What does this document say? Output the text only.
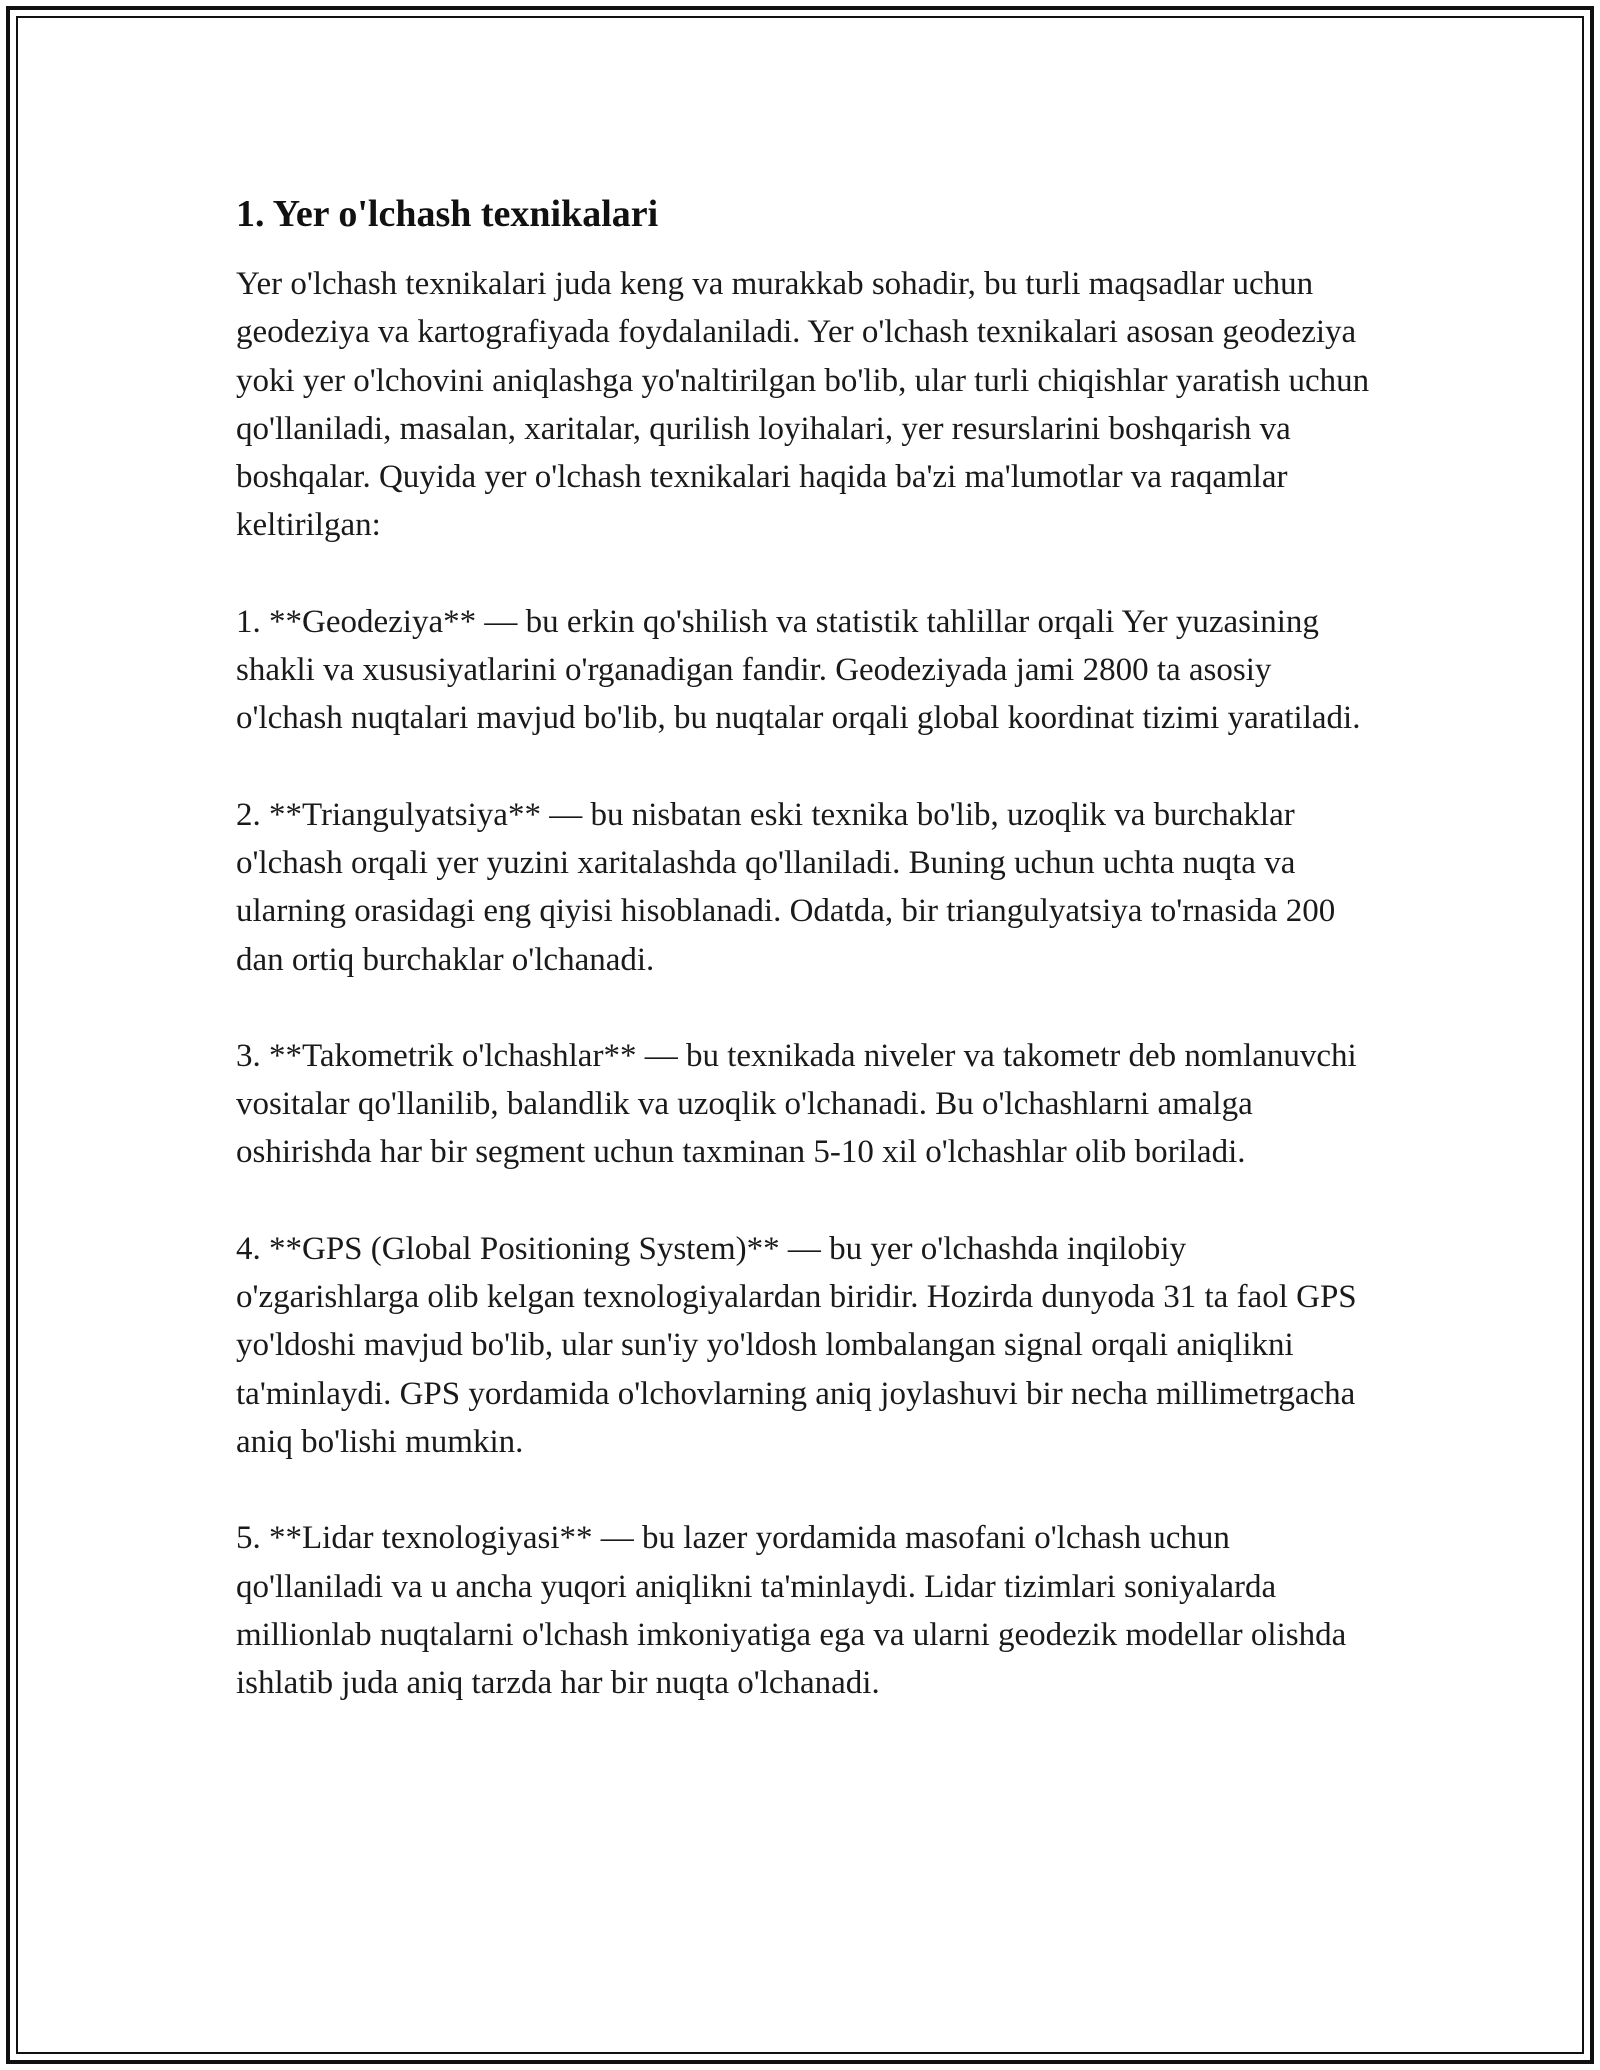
1. Yer o'lchash texnikalari

Yer o'lchash texnikalari juda keng va murakkab sohadir, bu turli maqsadlar uchun geodeziya va kartografiyada foydalaniladi. Yer o'lchash texnikalari asosan geodeziya yoki yer o'lchovini aniqlashga yo'naltirilgan bo'lib, ular turli chiqishlar yaratish uchun qo'llaniladi, masalan, xaritalar, qurilish loyihalari, yer resurslarini boshqarish va boshqalar. Quyida yer o'lchash texnikalari haqida ba'zi ma'lumotlar va raqamlar keltirilgan:

1. **Geodeziya** — bu erkin qo'shilish va statistik tahlillar orqali Yer yuzasining shakli va xususiyatlarini o'rganadigan fandir. Geodeziyada jami 2800 ta asosiy o'lchash nuqtalari mavjud bo'lib, bu nuqtalar orqali global koordinat tizimi yaratiladi.

2. **Triangulyatsiya** — bu nisbatan eski texnika bo'lib, uzoqlik va burchaklar o'lchash orqali yer yuzini xaritalashda qo'llaniladi. Buning uchun uchta nuqta va ularning orasidagi eng qiyisi hisoblanadi. Odatda, bir triangulyatsiya to'rnasida 200 dan ortiq burchaklar o'lchanadi.

3. **Takometrik o'lchashlar** — bu texnikada niveler va takometr deb nomlanuvchi vositalar qo'llanilib, balandlik va uzoqlik o'lchanadi. Bu o'lchashlarni amalga oshirishda har bir segment uchun taxminan 5-10 xil o'lchashlar olib boriladi.

4. **GPS (Global Positioning System)** — bu yer o'lchashda inqilobiy o'zgarishlarga olib kelgan texnologiyalardan biridir. Hozirda dunyoda 31 ta faol GPS yo'ldoshi mavjud bo'lib, ular sun'iy yo'ldosh lombalangan signal orqali aniqlikni ta'minlaydi. GPS yordamida o'lchovlarning aniq joylashuvi bir necha millimetrgacha aniq bo'lishi mumkin.

5. **Lidar texnologiyasi** — bu lazer yordamida masofani o'lchash uchun qo'llaniladi va u ancha yuqori aniqlikni ta'minlaydi. Lidar tizimlari soniyalarda millionlab nuqtalarni o'lchash imkoniyatiga ega va ularni geodezik modellar olishda ishlatib juda aniq tarzda har bir nuqta o'lchanadi.
